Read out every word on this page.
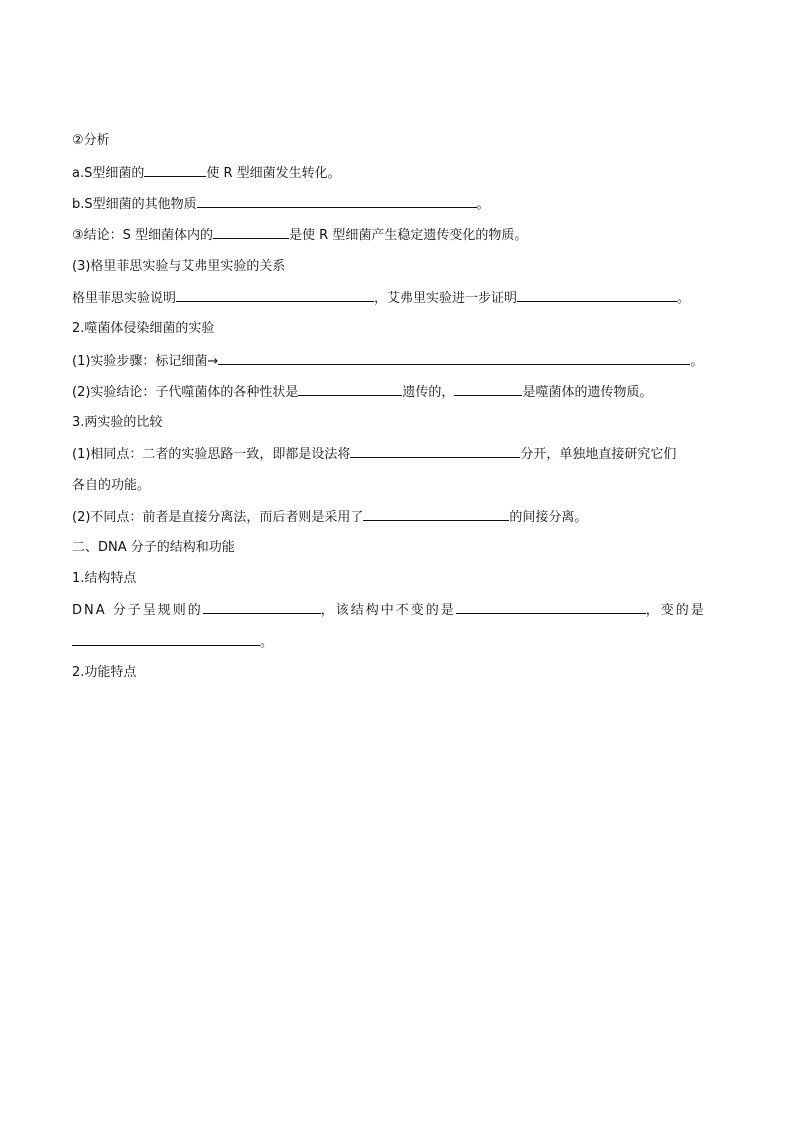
②分析
a.S型细菌的	使 R 型细菌发生转化。
b.S型细菌的其他物质	。
③结论：S 型细菌体内的	是使 R 型细菌产生稳定遗传变化的物质。
(3)格里菲思实验与艾弗里实验的关系
格里菲思实验说明	，艾弗里实验进一步证明	。
2.噬菌体侵染细菌的实验
(1)实验步骤：标记细菌→	。
(2)实验结论：子代噬菌体的各种性状是	遗传的，	是噬菌体的遗传物质。
3.两实验的比较
(1)相同点：二者的实验思路一致，即都是设法将	分开，单独地直接研究它们
各自的功能。
(2)不同点：前者是直接分离法，而后者则是采用了	的间接分离。
二、DNA 分子的结构和功能
1.结构特点
DNA 分子呈规则的	，该结构中不变的是	，变的是
。
2.功能特点
